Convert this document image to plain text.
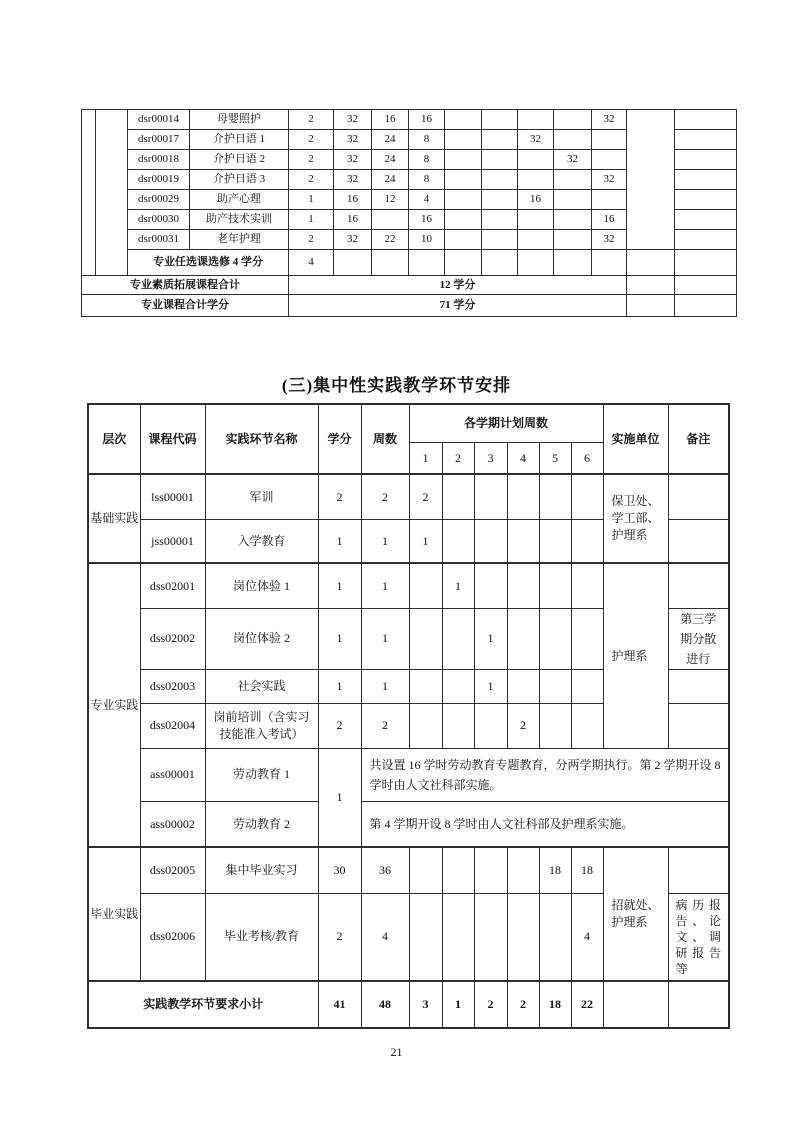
		dsr00014	母婴照护	2	32	16	16					32		
		dsr00017	介护日语 1	2	32	24	8			32				
		dsr00018	介护日语 2	2	32	24	8				32			
		dsr00019	介护日语 3	2	32	24	8					32		
		dsr00029	助产心理	1	16	12	4			16				
		dsr00030	助产技术实训	1	16		16					16		
		dsr00031	老年护理	2	32	22	10					32		
		专业任选课选修 4 学分		4										
专业素质拓展课程合计				12 学分										
专业课程合计学分				71 学分										
(三)集中性实践教学环节安排
层次	课程代码	实践环节名称	学分	周数	各学期计划周数						实施单位	备注
					1	2	3	4	5	6		
基础实践	lss00001	军训	2	2	2						保卫处、学工部、护理系	
	jss00001	入学教育	1	1	1							
专业实践	dss02001	岗位体验 1	1	1		1					护理系	
	dss02002	岗位体验 2	1	1			1					第三学期分散进行
	dss02003	社会实践	1	1			1					
	dss02004	岗前培训（含实习技能准入考试）	2	2				2				
	ass00001	劳动教育 1	1	共设置 16 学时劳动教育专题教育，分两学期执行。第 2 学期开设 8 学时由人文社科部实施。								
	ass00002	劳动教育 2		第 4 学期开设 8 学时由人文社科部及护理系实施。								
毕业实践	dss02005	集中毕业实习	30	36					18	18	招就处、护理系	
	dss02006	毕业考核/教育	2	4						4		病历报告、论文、调研报告等
实践教学环节要求小计			41	48	3	1	2	2	18	22		
21
